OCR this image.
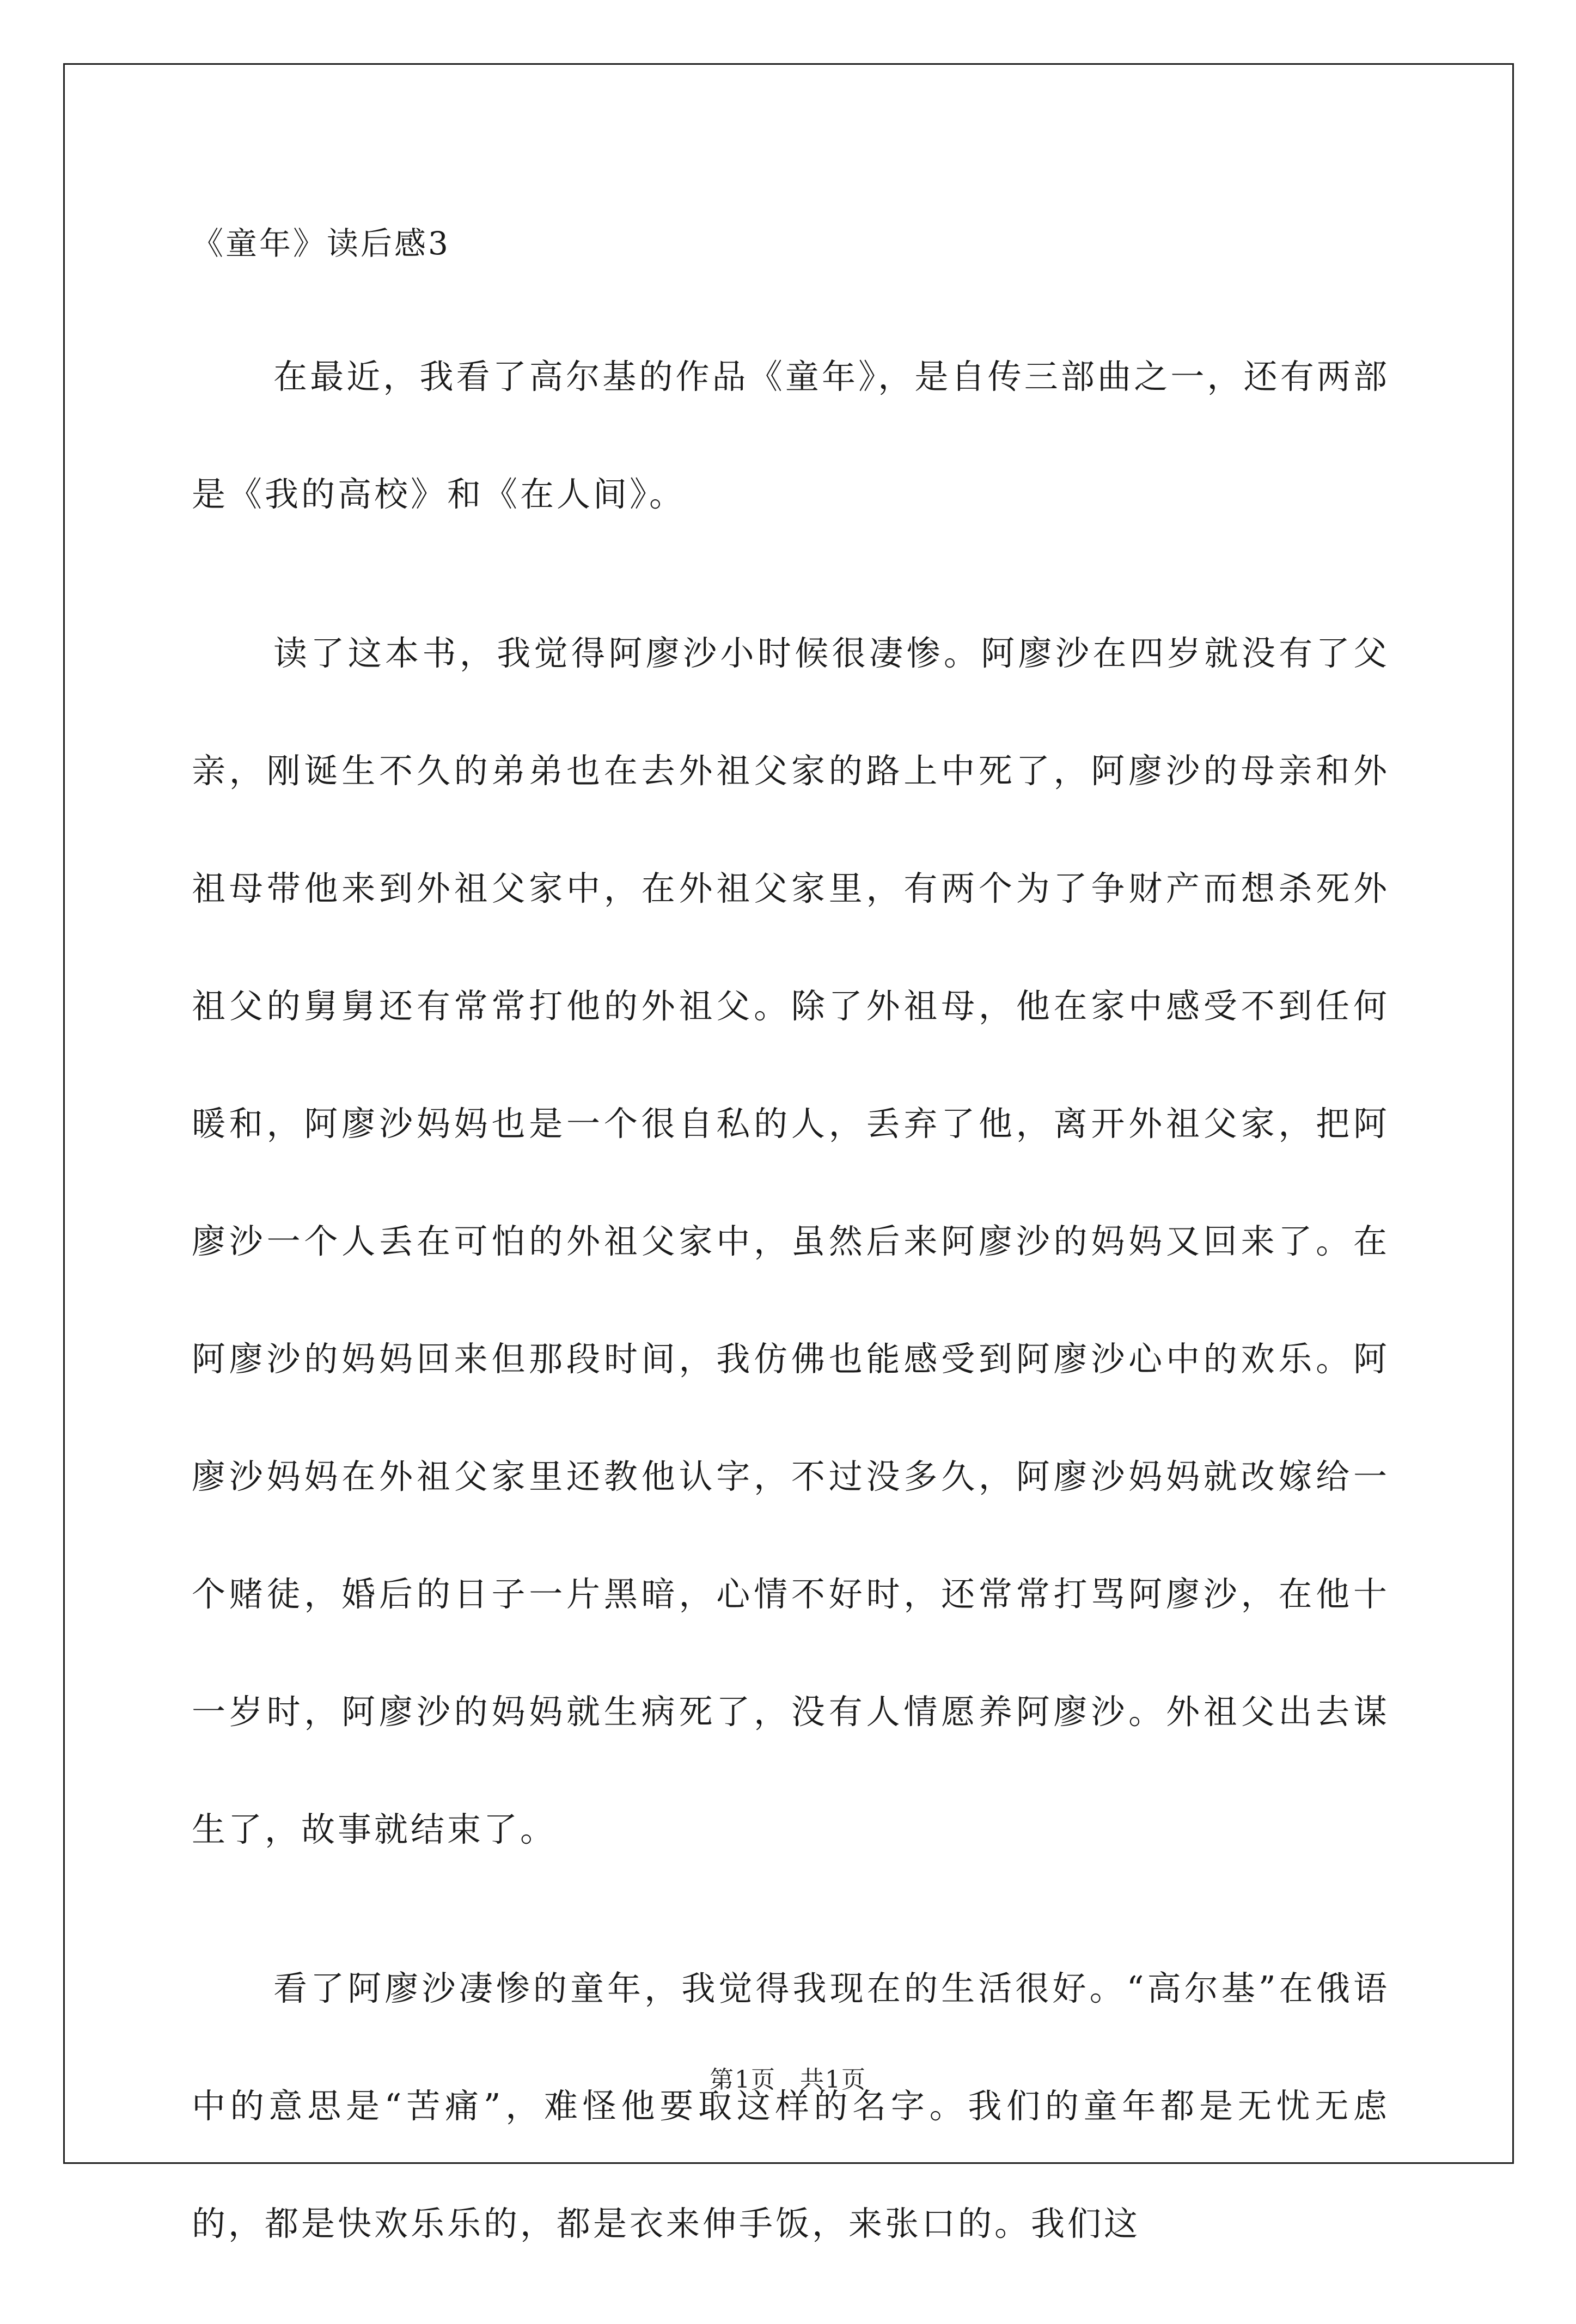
《童年》读后感3

在最近，我看了高尔基的作品《童年》，是自传三部曲之一，还有两部是《我的高校》和《在人间》。

读了这本书，我觉得阿廖沙小时候很凄惨。阿廖沙在四岁就没有了父亲，刚诞生不久的弟弟也在去外祖父家的路上中死了，阿廖沙的母亲和外祖母带他来到外祖父家中，在外祖父家里，有两个为了争财产而想杀死外祖父的舅舅还有常常打他的外祖父。除了外祖母，他在家中感受不到任何暖和，阿廖沙妈妈也是一个很自私的人，丢弃了他，离开外祖父家，把阿廖沙一个人丢在可怕的外祖父家中，虽然后来阿廖沙的妈妈又回来了。在阿廖沙的妈妈回来但那段时间，我仿佛也能感受到阿廖沙心中的欢乐。阿廖沙妈妈在外祖父家里还教他认字，不过没多久，阿廖沙妈妈就改嫁给一个赌徒，婚后的日子一片黑暗，心情不好时，还常常打骂阿廖沙，在他十一岁时，阿廖沙的妈妈就生病死了，没有人情愿养阿廖沙。外祖父出去谋生了，故事就结束了。

看了阿廖沙凄惨的童年，我觉得我现在的生活很好。“高尔基”在俄语中的意思是“苦痛”，难怪他要取这样的名字。我们的童年都是无忧无虑的，都是快欢乐乐的，都是衣来伸手饭，来张口的。我们这

第1页 共1页
